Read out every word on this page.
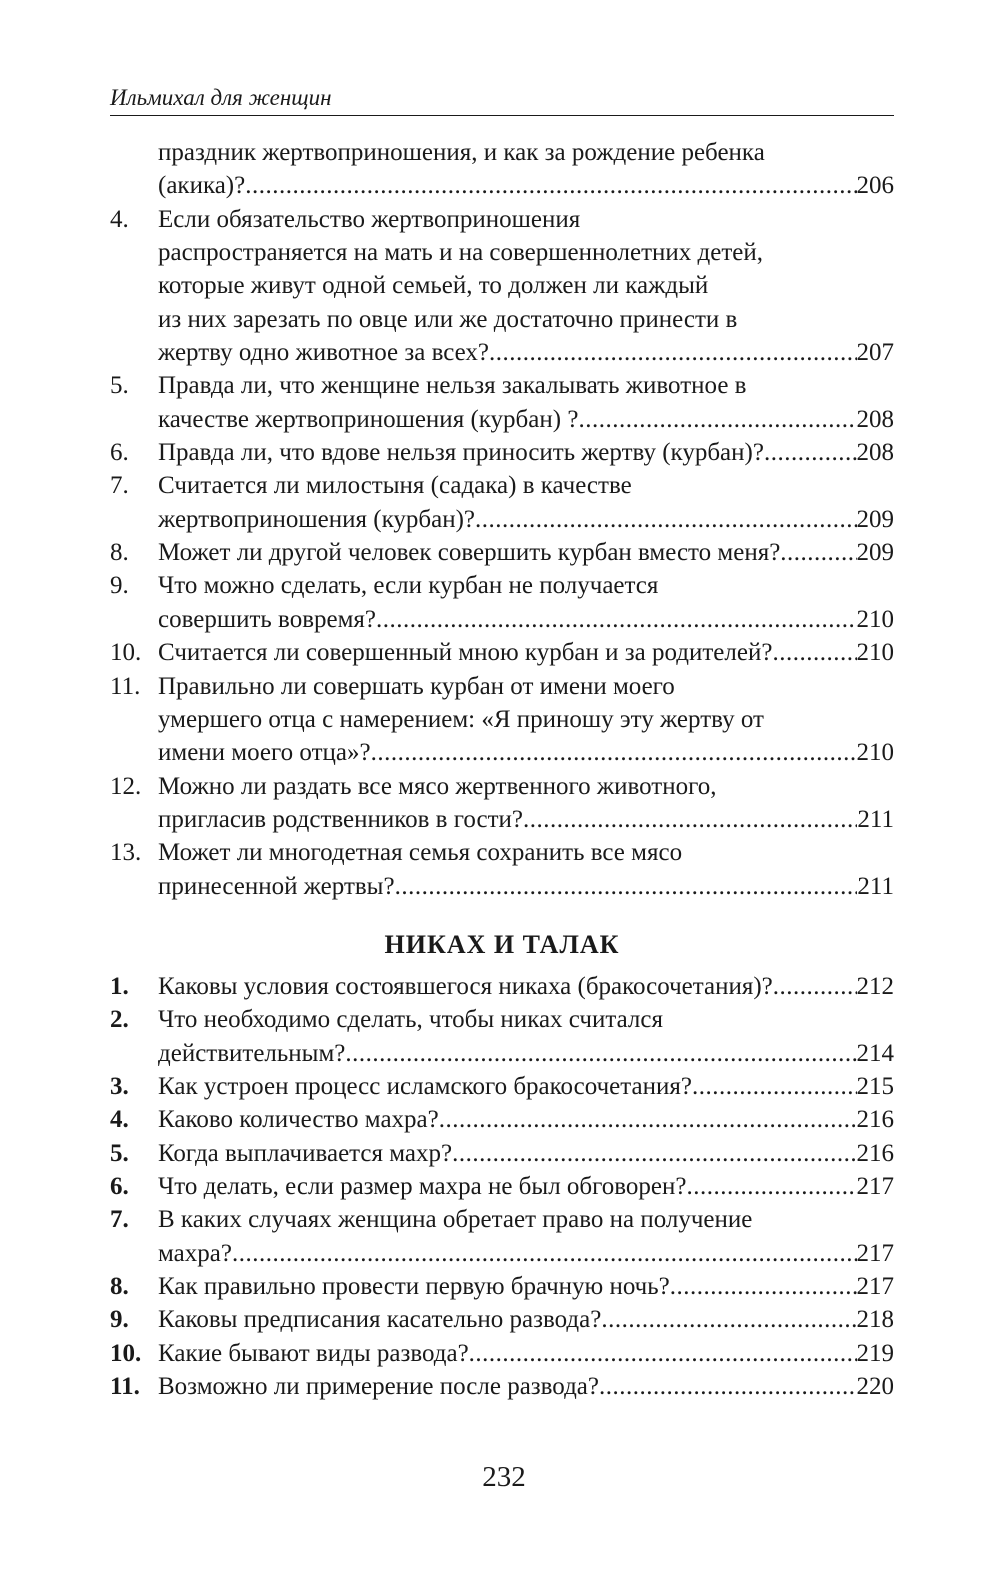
Ильмихал для женщин
праздник жертвоприношения, и как за рождение ребенка
(акика)? .....	206
4. Если обязательство жертвоприношения
распространяется на мать и на совершеннолетних детей,
которые живут одной семьей, то должен ли каждый
из них зарезать по овце или же достаточно принести в
жертву одно животное за всех? .....	207
5. Правда ли, что женщине нельзя закалывать животное в
качестве жертвоприношения (курбан) ? .....	208
6. Правда ли, что вдове нельзя приносить жертву (курбан)? .....	208
7. Считается ли милостыня (садака) в качестве
жертвоприношения (курбан)? .....	209
8. Может ли другой человек совершить курбан вместо меня? .....	209
9. Что можно сделать, если курбан не получается
совершить вовремя? .....	210
10. Считается ли совершенный мною курбан и за родителей? .....	210
11. Правильно ли совершать курбан от имени моего
умершего отца с намерением: «Я приношу эту жертву от
имени моего отца»? .....	210
12. Можно ли раздать все мясо жертвенного животного,
пригласив родственников в гости? .....	211
13. Может ли многодетная семья сохранить все мясо
принесенной жертвы? .....	211
НИКАХ И ТАЛАК
1. Каковы условия состоявшегося никаха (бракосочетания)? .....	212
2. Что необходимо сделать, чтобы никах считался
действительным? .....	214
3. Как устроен процесс исламского бракосочетания? .....	215
4. Каково количество махра? .....	216
5. Когда выплачивается махр? .....	216
6. Что делать, если размер махра не был обговорен? .....	217
7. В каких случаях женщина обретает право на получение
махра? .....	217
8. Как правильно провести первую брачную ночь? .....	217
9. Каковы предписания касательно развода? .....	218
10. Какие бывают виды развода? .....	219
11. Возможно ли примерение после развода? .....	220
232
